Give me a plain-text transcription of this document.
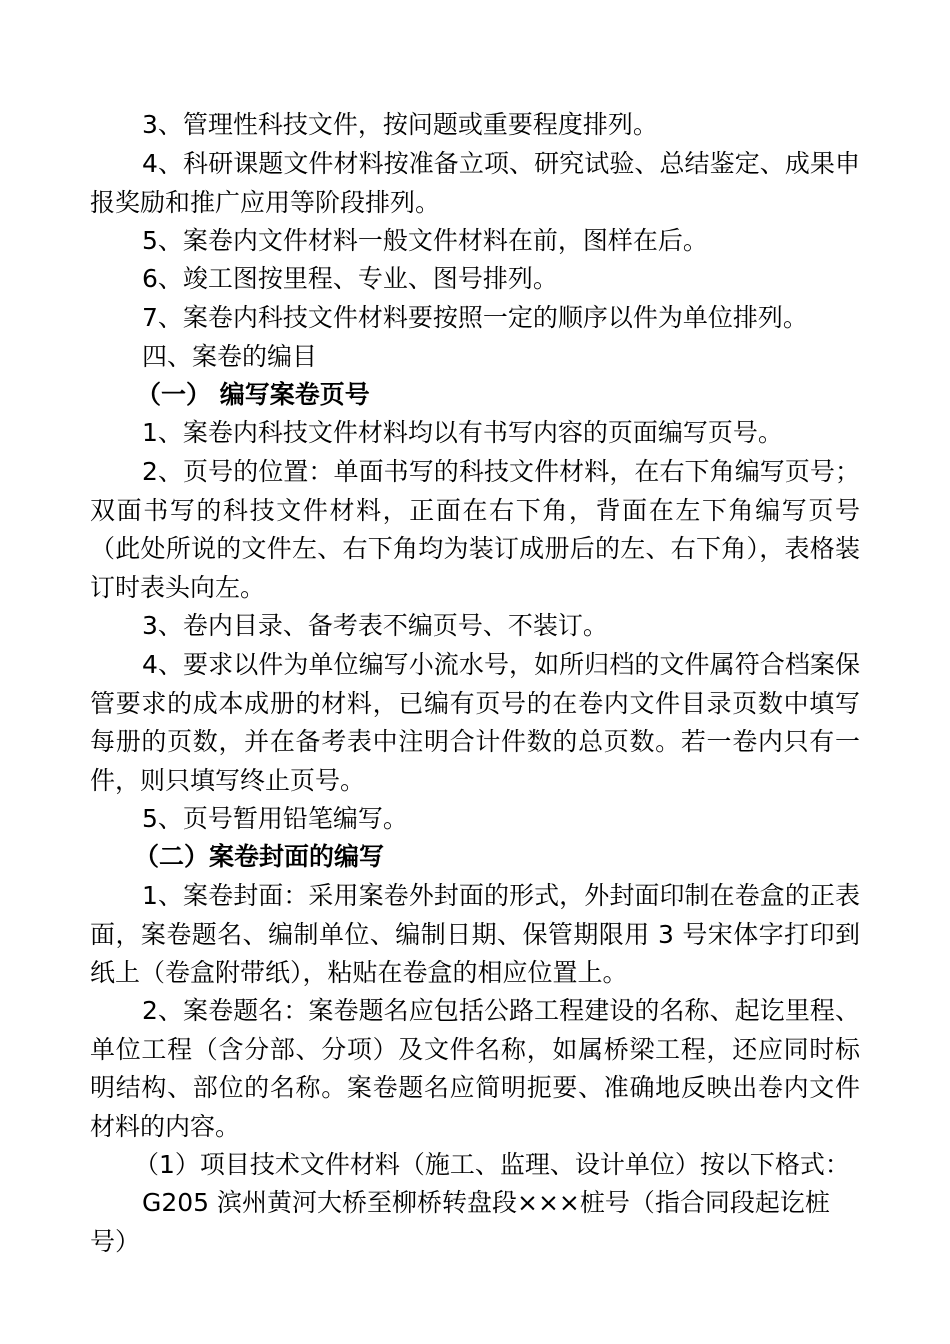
3、管理性科技文件，按问题或重要程度排列。

4、科研课题文件材料按准备立项、研究试验、总结鉴定、成果申报奖励和推广应用等阶段排列。

5、案卷内文件材料一般文件材料在前，图样在后。

6、竣工图按里程、专业、图号排列。

7、案卷内科技文件材料要按照一定的顺序以件为单位排列。

四、案卷的编目

（一） 编写案卷页号

1、案卷内科技文件材料均以有书写内容的页面编写页号。

2、页号的位置：单面书写的科技文件材料，在右下角编写页号；双面书写的科技文件材料，正面在右下角，背面在左下角编写页号（此处所说的文件左、右下角均为装订成册后的左、右下角），表格装订时表头向左。

3、卷内目录、备考表不编页号、不装订。

4、要求以件为单位编写小流水号，如所归档的文件属符合档案保管要求的成本成册的材料，已编有页号的在卷内文件目录页数中填写每册的页数，并在备考表中注明合计件数的总页数。若一卷内只有一件，则只填写终止页号。

5、页号暂用铅笔编写。

（二）案卷封面的编写

1、案卷封面：采用案卷外封面的形式，外封面印制在卷盒的正表面，案卷题名、编制单位、编制日期、保管期限用 3 号宋体字打印到纸上（卷盒附带纸），粘贴在卷盒的相应位置上。

2、案卷题名：案卷题名应包括公路工程建设的名称、起讫里程、单位工程（含分部、分项）及文件名称，如属桥梁工程，还应同时标明结构、部位的名称。案卷题名应简明扼要、准确地反映出卷内文件材料的内容。

（1）项目技术文件材料（施工、监理、设计单位）按以下格式：

G205 滨州黄河大桥至柳桥转盘段×××桩号（指合同段起讫桩号）
